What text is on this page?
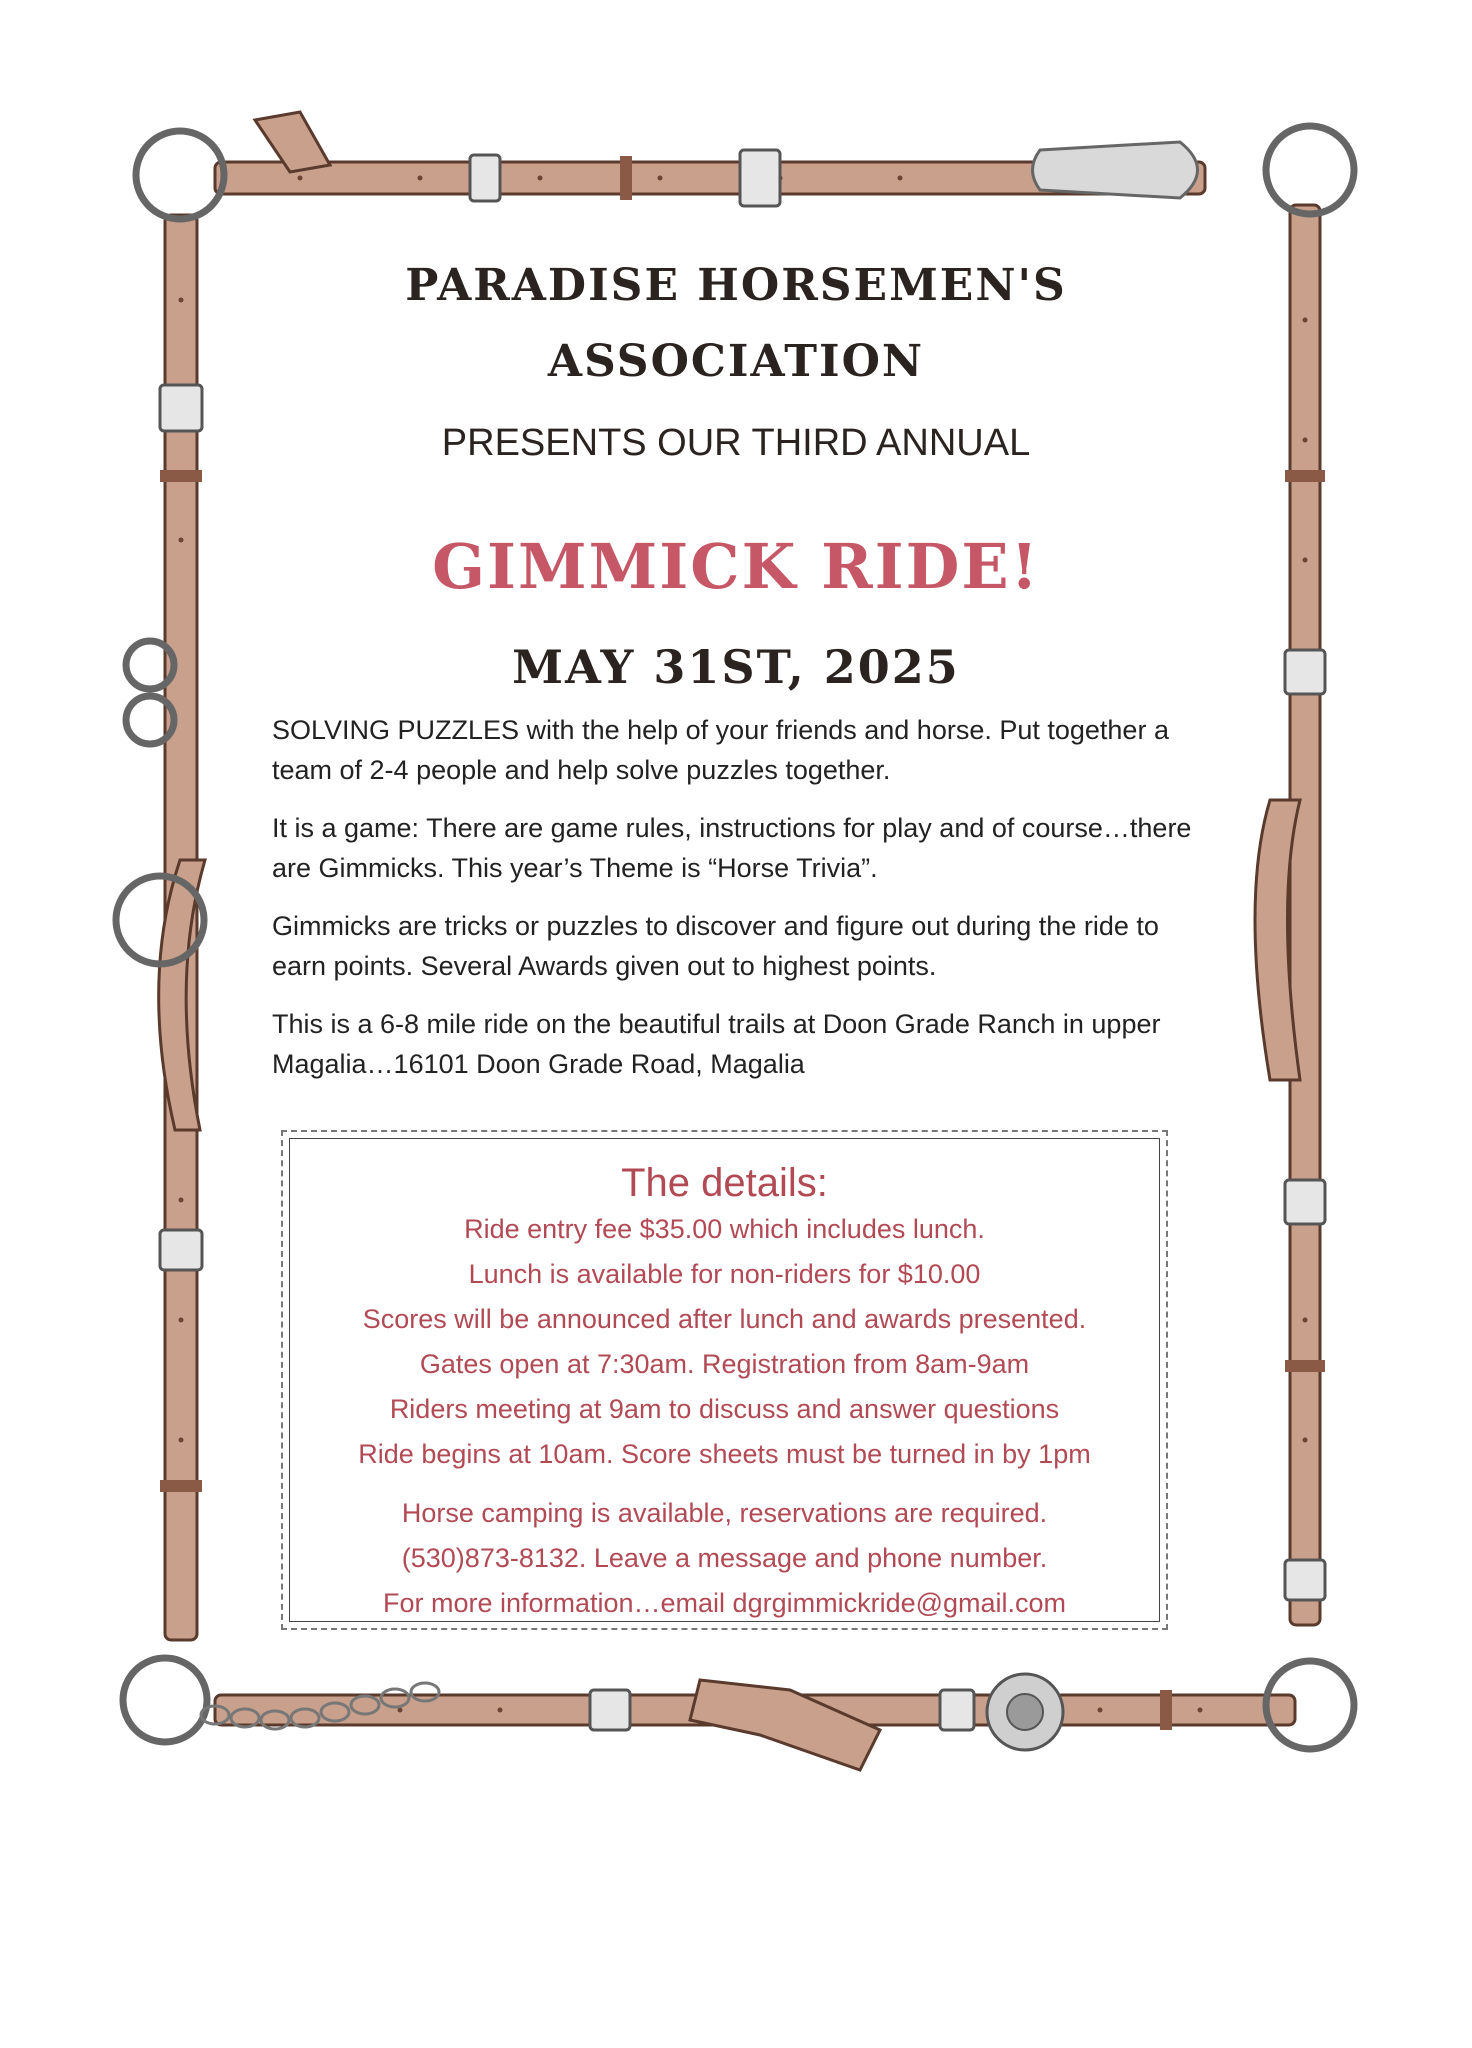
PARADISE HORSEMEN'S
ASSOCIATION
PRESENTS OUR THIRD ANNUAL
GIMMICK RIDE!
MAY 31ST, 2025

SOLVING PUZZLES with the help of your friends and horse. Put together a team of 2-4 people and help solve puzzles together.

It is a game: There are game rules, instructions for play and of course…there are Gimmicks. This year’s Theme is “Horse Trivia”.

Gimmicks are tricks or puzzles to discover and figure out during the ride to earn points. Several Awards given out to highest points.

This is a 6-8 mile ride on the beautiful trails at Doon Grade Ranch in upper Magalia…16101 Doon Grade Road, Magalia

The details:
Ride entry fee $35.00 which includes lunch.
Lunch is available for non-riders for $10.00
Scores will be announced after lunch and awards presented.
Gates open at 7:30am. Registration from 8am-9am
Riders meeting at 9am to discuss and answer questions
Ride begins at 10am. Score sheets must be turned in by 1pm
Horse camping is available, reservations are required.
(530)873-8132. Leave a message and phone number.
For more information…email dgrgimmickride@gmail.com
